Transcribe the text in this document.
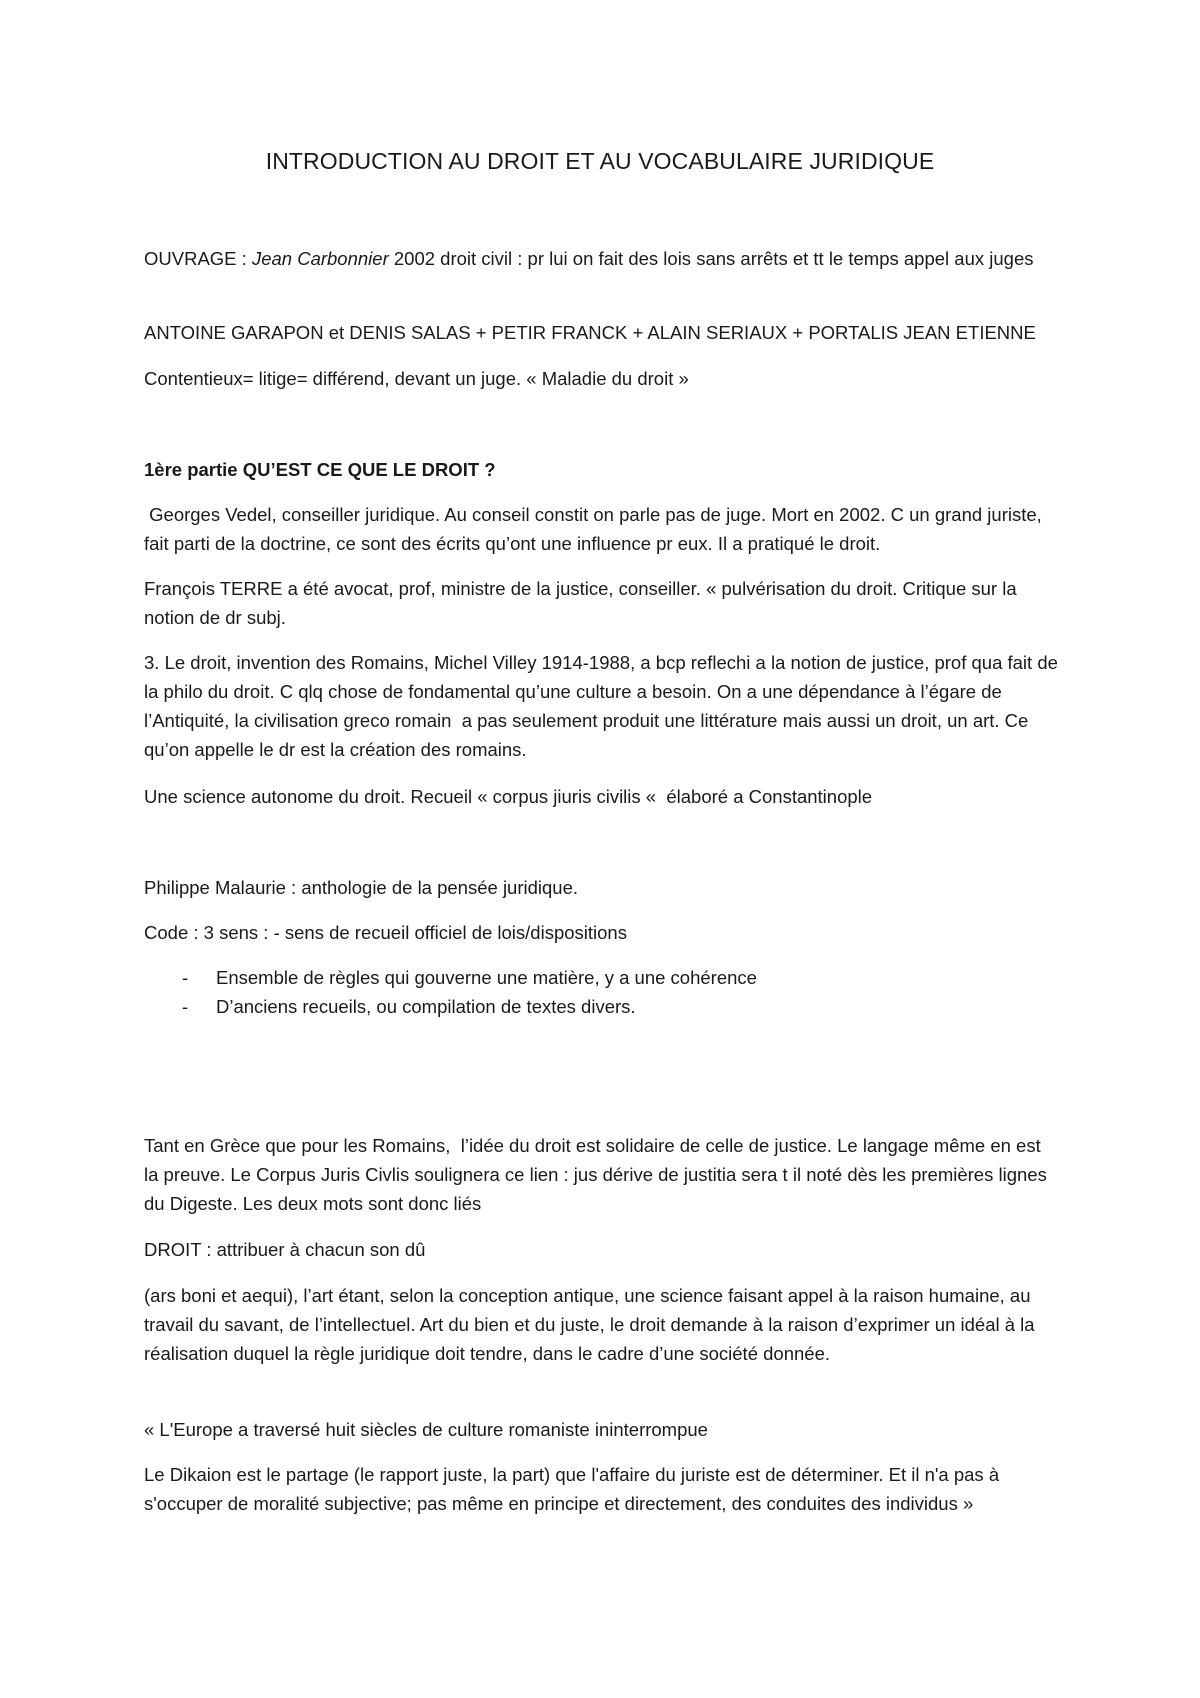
INTRODUCTION AU DROIT ET AU VOCABULAIRE JURIDIQUE
OUVRAGE : Jean Carbonnier 2002 droit civil : pr lui on fait des lois sans arrêts et tt le temps appel aux juges
ANTOINE GARAPON et DENIS SALAS + PETIR FRANCK + ALAIN SERIAUX + PORTALIS JEAN ETIENNE
Contentieux= litige= différend, devant un juge. « Maladie du droit »
1ère partie QU’EST CE QUE LE DROIT ?
Georges Vedel, conseiller juridique. Au conseil constit on parle pas de juge. Mort en 2002. C un grand juriste, fait parti de la doctrine, ce sont des écrits qu’ont une influence pr eux. Il a pratiqué le droit.
François TERRE a été avocat, prof, ministre de la justice, conseiller. « pulvérisation du droit. Critique sur la notion de dr subj.
3. Le droit, invention des Romains, Michel Villey 1914-1988, a bcp reflechi a la notion de justice, prof qua fait de la philo du droit. C qlq chose de fondamental qu’une culture a besoin. On a une dépendance à l’égare de l’Antiquité, la civilisation greco romain  a pas seulement produit une littérature mais aussi un droit, un art. Ce qu’on appelle le dr est la création des romains.
Une science autonome du droit. Recueil « corpus jiuris civilis «  élaboré a Constantinople
Philippe Malaurie : anthologie de la pensée juridique.
Code : 3 sens : - sens de recueil officiel de lois/dispositions
- Ensemble de règles qui gouverne une matière, y a une cohérence
- D’anciens recueils, ou compilation de textes divers.
Tant en Grèce que pour les Romains,  l’idée du droit est solidaire de celle de justice. Le langage même en est la preuve. Le Corpus Juris Civlis soulignera ce lien : jus dérive de justitia sera t il noté dès les premières lignes du Digeste. Les deux mots sont donc liés
DROIT : attribuer à chacun son dû
(ars boni et aequi), l’art étant, selon la conception antique, une science faisant appel à la raison humaine, au travail du savant, de l’intellectuel. Art du bien et du juste, le droit demande à la raison d’exprimer un idéal à la réalisation duquel la règle juridique doit tendre, dans le cadre d’une société donnée.
« L'Europe a traversé huit siècles de culture romaniste ininterrompue
Le Dikaion est le partage (le rapport juste, la part) que l'affaire du juriste est de déterminer. Et il n'a pas à s'occuper de moralité subjective; pas même en principe et directement, des conduites des individus »
